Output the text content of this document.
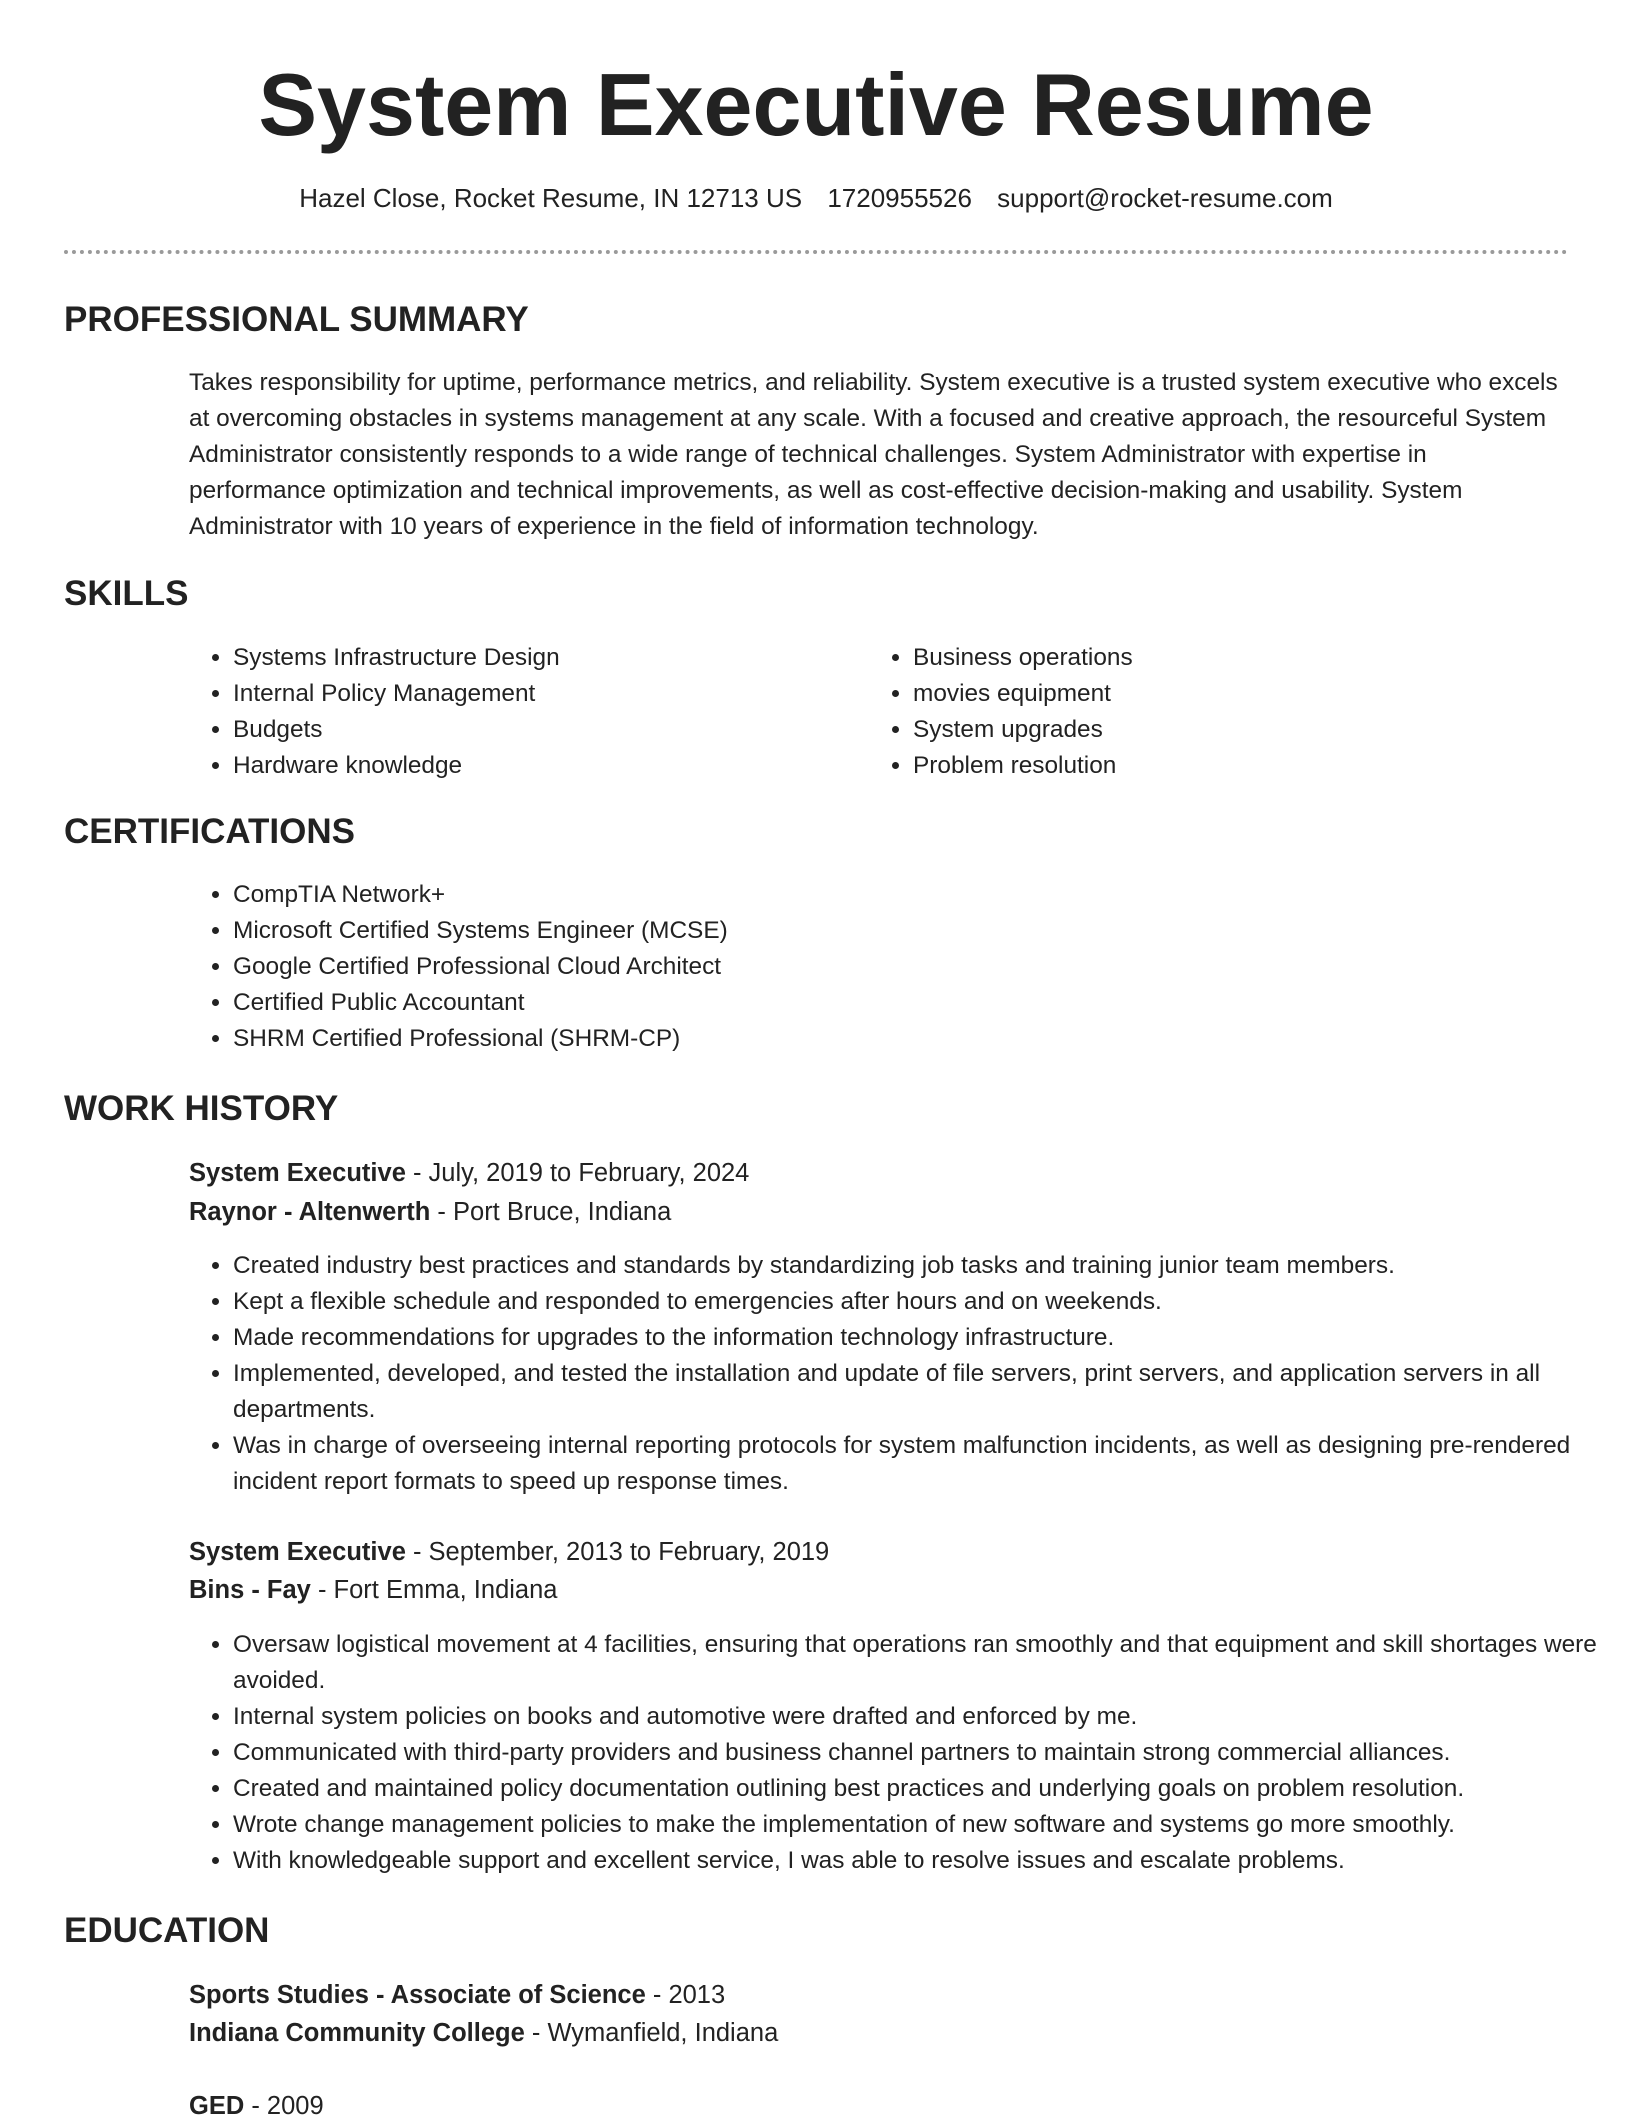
System Executive Resume
Hazel Close, Rocket Resume, IN 12713 US 1720955526 support@rocket-resume.com
PROFESSIONAL SUMMARY

Takes responsibility for uptime, performance metrics, and reliability. System executive is a trusted system executive who excels at overcoming obstacles in systems management at any scale. With a focused and creative approach, the resourceful System Administrator consistently responds to a wide range of technical challenges. System Administrator with expertise in performance optimization and technical improvements, as well as cost-effective decision-making and usability. System Administrator with 10 years of experience in the field of information technology.

SKILLS
• Systems Infrastructure Design
• Internal Policy Management
• Budgets
• Hardware knowledge
• Business operations
• movies equipment
• System upgrades
• Problem resolution
CERTIFICATIONS
• CompTIA Network+
• Microsoft Certified Systems Engineer (MCSE)
• Google Certified Professional Cloud Architect
• Certified Public Accountant
• SHRM Certified Professional (SHRM-CP)
WORK HISTORY
System Executive - July, 2019 to February, 2024
Raynor - Altenwerth - Port Bruce, Indiana
• Created industry best practices and standards by standardizing job tasks and training junior team members.
• Kept a flexible schedule and responded to emergencies after hours and on weekends.
• Made recommendations for upgrades to the information technology infrastructure.
• Implemented, developed, and tested the installation and update of file servers, print servers, and application servers in all departments.
• Was in charge of overseeing internal reporting protocols for system malfunction incidents, as well as designing pre-rendered incident report formats to speed up response times.
System Executive - September, 2013 to February, 2019
Bins - Fay - Fort Emma, Indiana
• Oversaw logistical movement at 4 facilities, ensuring that operations ran smoothly and that equipment and skill shortages were avoided.
• Internal system policies on books and automotive were drafted and enforced by me.
• Communicated with third-party providers and business channel partners to maintain strong commercial alliances.
• Created and maintained policy documentation outlining best practices and underlying goals on problem resolution.
• Wrote change management policies to make the implementation of new software and systems go more smoothly.
• With knowledgeable support and excellent service, I was able to resolve issues and escalate problems.
EDUCATION
Sports Studies - Associate of Science - 2013
Indiana Community College - Wymanfield, Indiana
GED - 2009
